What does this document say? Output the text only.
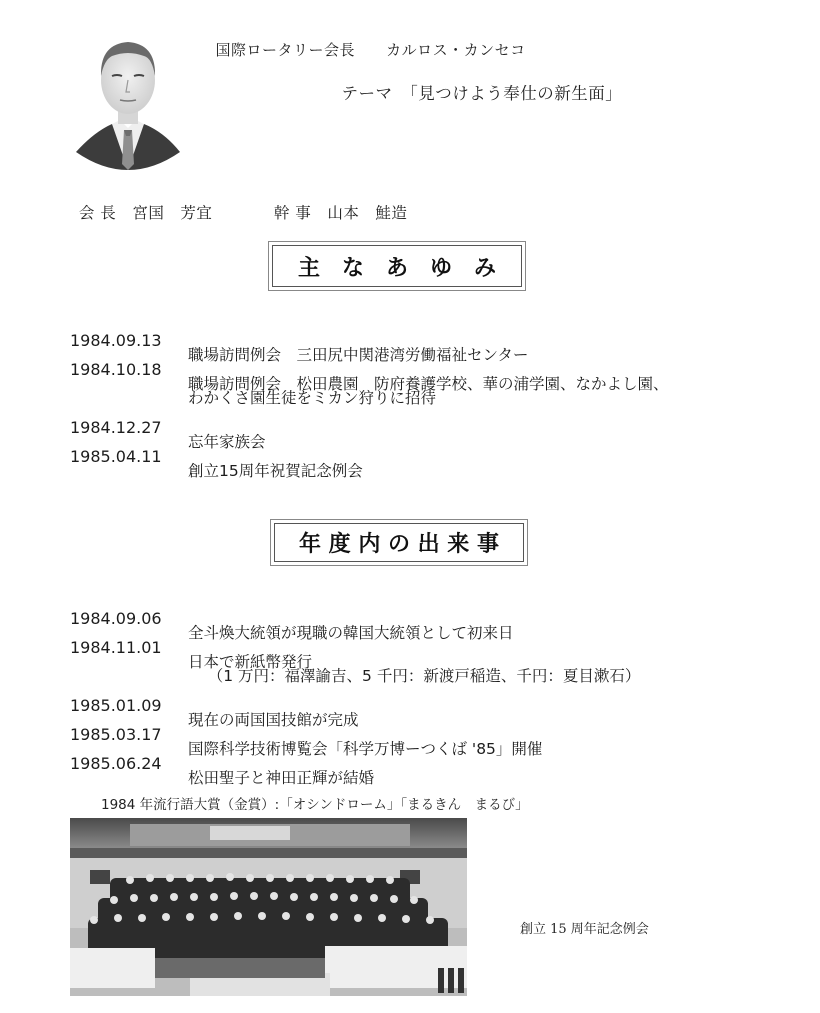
国際ロータリー会長　　 カルロス・カンセコ

テーマ　 「見つけよう奉仕の新生面」

会 長　 宮国　芳宜	幹 事　 山本　鮭造

主　な　あ　ゆ　み

1984.09.13

職場訪問例会　三田尻中関港湾労働福祉センター

1984.10.18

職場訪問例会　松田農園　防府養護学校、華の浦学園、なかよし園、

わかくさ園生徒をミカン狩りに招待

1984.12.27

忘年家族会

1985.04.11

創立15周年祝賀記念例会

年 度 内 の 出 来 事

1984.09.06

全斗煥大統領が現職の韓国大統領として初来日

1984.11.01

日本で新紙幣発行

　（1 万円：福澤諭吉、5 千円：新渡戸稲造、千円：夏目漱石）

1985.01.09

現在の両国国技館が完成

1985.03.17

国際科学技術博覧会「科学万博ーつくば '85」開催

1985.06.24

松田聖子と神田正輝が結婚

1984 年流行語大賞（金賞）:「オシンドローム」「まるきん　まるび」
創立 15 周年記念例会
